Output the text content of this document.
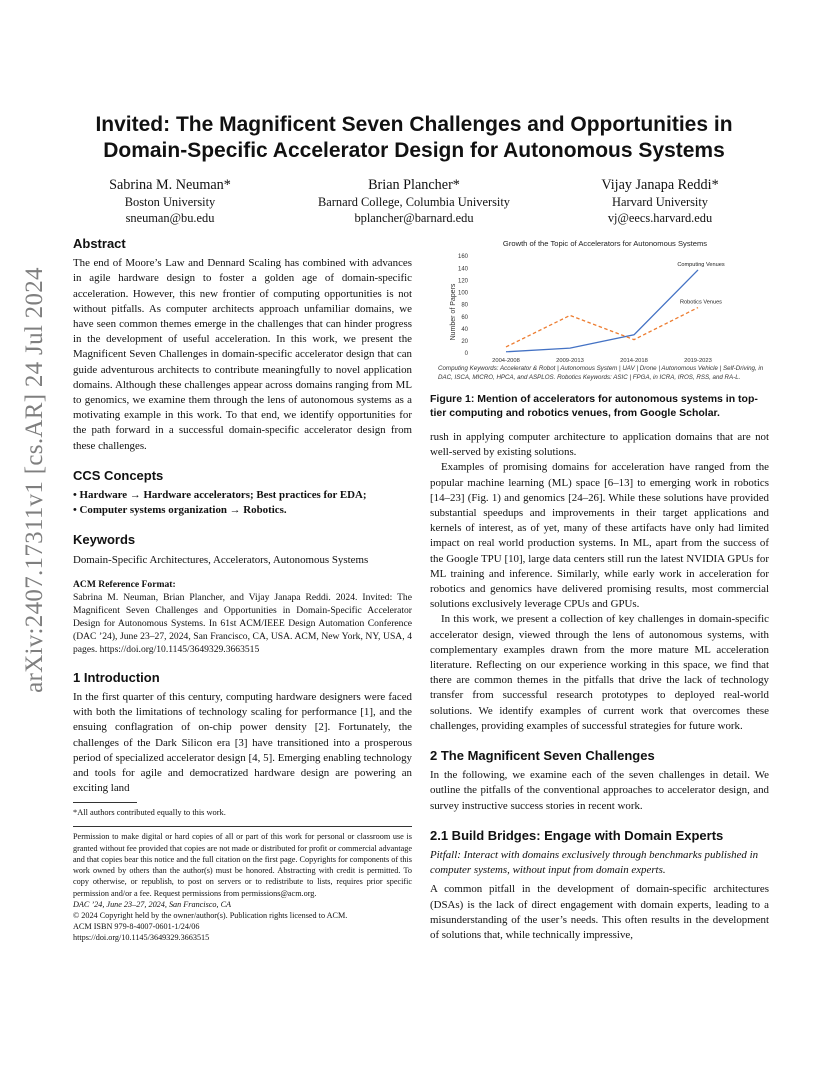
arXiv:2407.17311v1 [cs.AR] 24 Jul 2024
Invited: The Magnificent Seven Challenges and Opportunities in
Domain-Specific Accelerator Design for Autonomous Systems
Sabrina M. Neuman*
Boston University
sneuman@bu.edu
Brian Plancher*
Barnard College, Columbia University
bplancher@barnard.edu
Vijay Janapa Reddi*
Harvard University
vj@eecs.harvard.edu
Abstract

The end of Moore’s Law and Dennard Scaling has combined with advances in agile hardware design to foster a golden age of domain-specific acceleration. However, this new frontier of computing opportunities is not without pitfalls. As computer architects approach unfamiliar domains, we have seen common themes emerge in the challenges that can hinder progress in the development of useful acceleration. In this work, we present the Magnificent Seven Challenges in domain-specific accelerator design that can guide adventurous architects to contribute meaningfully to novel application domains. Although these challenges appear across domains ranging from ML to genomics, we examine them through the lens of autonomous systems as a motivating example in this work. To that end, we identify opportunities for the path forward in a successful domain-specific accelerator design from these challenges.

CCS Concepts

• Hardware → Hardware accelerators; Best practices for EDA;

• Computer systems organization → Robotics.

Keywords

Domain-Specific Architectures, Accelerators, Autonomous Systems

ACM Reference Format:

Sabrina M. Neuman, Brian Plancher, and Vijay Janapa Reddi. 2024. Invited: The Magnificent Seven Challenges and Opportunities in Domain-Specific Accelerator Design for Autonomous Systems. In 61st ACM/IEEE Design Automation Conference (DAC ’24), June 23–27, 2024, San Francisco, CA, USA. ACM, New York, NY, USA, 4 pages. https://doi.org/10.1145/3649329.3663515

1 Introduction

In the first quarter of this century, computing hardware designers were faced with both the limitations of technology scaling for performance [1], and the ensuing conflagration of on-chip power density [2]. Fortunately, the challenges of the Dark Silicon era [3] have transitioned into a prosperous period of specialized accelerator design [4, 5]. Emerging enabling technology and tools for agile and democratized hardware design are powering an exciting land

*All authors contributed equally to this work.

Permission to make digital or hard copies of all or part of this work for personal or classroom use is granted without fee provided that copies are not made or distributed for profit or commercial advantage and that copies bear this notice and the full citation on the first page. Copyrights for components of this work owned by others than the author(s) must be honored. Abstracting with credit is permitted. To copy otherwise, or republish, to post on servers or to redistribute to lists, requires prior specific permission and/or a fee. Request permissions from permissions@acm.org.

DAC ’24, June 23–27, 2024, San Francisco, CA
© 2024 Copyright held by the owner/author(s). Publication rights licensed to ACM.
ACM ISBN 979-8-4007-0601-1/24/06
https://doi.org/10.1145/3649329.3663515
Growth of the Topic of Accelerators for Autonomous Systems
Number of Papers
0
20
40
60
80
100
120
140
160
2004-2008	2009-2013	2014-2018	2019-2023
Computing Venues
Robotics Venues
Computing Keywords: Accelerator & Robot | Autonomous System | UAV | Drone | Autonomous Vehicle | Self-Driving, in DAC, ISCA, MICRO, HPCA, and ASPLOS. Robotics Keywords: ASIC | FPGA, in ICRA, IROS, RSS, and RA-L.
Figure 1: Mention of accelerators for autonomous systems in top-tier computing and robotics venues, from Google Scholar.

rush in applying computer architecture to application domains that are not well-served by existing solutions.

Examples of promising domains for acceleration have ranged from the popular machine learning (ML) space [6–13] to emerging work in robotics [14–23] (Fig. 1) and genomics [24–26]. While these solutions have provided substantial speedups and improvements in their target applications and kernels of interest, as of yet, many of these artifacts have only had limited impact on real world production systems. In ML, apart from the success of the Google TPU [10], large data centers still run the latest NVIDIA GPUs for ML training and inference. Similarly, while early work in acceleration for robotics and genomics have delivered promising results, most commercial solutions exclusively leverage CPUs and GPUs.

In this work, we present a collection of key challenges in domain-specific accelerator design, viewed through the lens of autonomous systems, with complementary examples drawn from the more mature ML acceleration literature. Reflecting on our experience working in this space, we find that there are common themes in the pitfalls that drive the lack of technology transfer from successful research prototypes to deployed real-world solutions. We identify examples of current work that overcomes these challenges, providing examples of successful strategies for future work.

2 The Magnificent Seven Challenges

In the following, we examine each of the seven challenges in detail. We outline the pitfalls of the conventional approaches to accelerator design, and survey instructive success stories in recent work.

2.1 Build Bridges: Engage with Domain Experts

Pitfall: Interact with domains exclusively through benchmarks published in computer systems, without input from domain experts.

A common pitfall in the development of domain-specific architectures (DSAs) is the lack of direct engagement with domain experts, leading to a misunderstanding of the user’s needs. This often results in the development of solutions that, while technically impressive,
